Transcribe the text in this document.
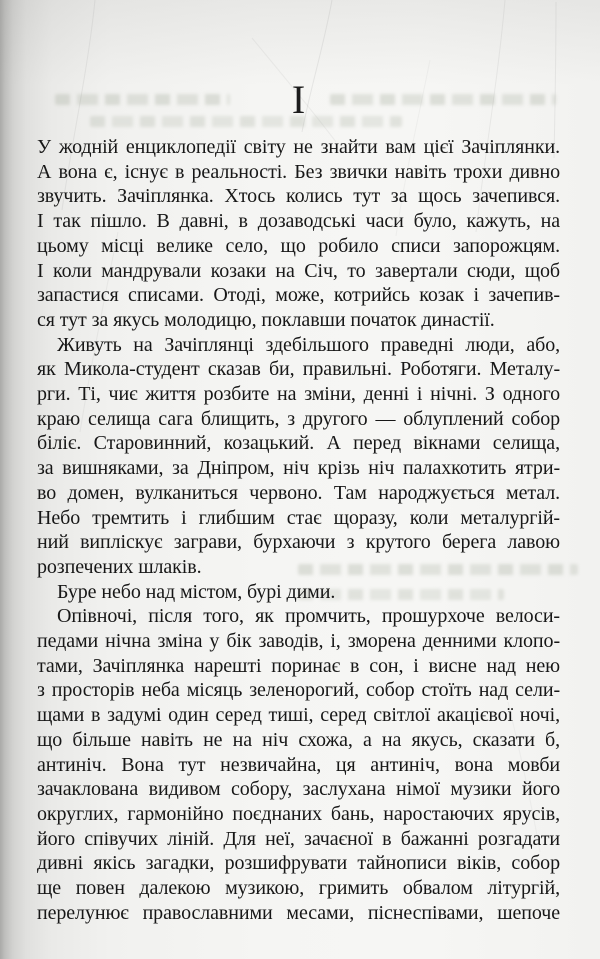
I
У жодній енциклопедії світу не знайти вам цієї Зачіплянки.
А вона є, існує в реальності. Без звички навіть трохи дивно
звучить. Зачіплянка. Хтось колись тут за щось зачепився.
І так пішло. В давні, в дозаводські часи було, кажуть, на
цьому місці велике село, що робило списи запорожцям.
І коли мандрували козаки на Січ, то завертали сюди, щоб
запастися списами. Отоді, може, котрийсь козак і зачепив-
ся тут за якусь молодицю, поклавши початок династії.
Живуть на Зачіплянці здебільшого праведні люди, або,
як Микола-студент сказав би, правильні. Роботяги. Металу-
рги. Ті, чиє життя розбите на зміни, денні і нічні. З одного
краю селища сага блищить, з другого — облуплений собор
біліє. Старовинний, козацький. А перед вікнами селища,
за вишняками, за Дніпром, ніч крізь ніч палахкотить ятри-
во домен, вулканиться червоно. Там народжується метал.
Небо тремтить і глибшим стає щоразу, коли металургій-
ний випліскує заграви, бурхаючи з крутого берега лавою
розпечених шлаків.
Буре небо над містом, бурі дими.
Опівночі, після того, як промчить, прошурхоче велоси-
педами нічна зміна у бік заводів, і, зморена денними клопо-
тами, Зачіплянка нарешті поринає в сон, і висне над нею
з просторів неба місяць зеленорогий, собор стоїть над сели-
щами в задумі один серед тиші, серед світлої акацієвої ночі,
що більше навіть не на ніч схожа, а на якусь, сказати б,
антиніч. Вона тут незвичайна, ця антиніч, вона мовби
зачаклована видивом собору, заслухана німої музики його
округлих, гармонійно поєднаних бань, наростаючих ярусів,
його співучих ліній. Для неї, зачаєної в бажанні розгадати
дивні якісь загадки, розшифрувати тайнописи віків, собор
ще повен далекою музикою, гримить обвалом літургій,
перелунює православними месами, піснеспівами, шепоче
